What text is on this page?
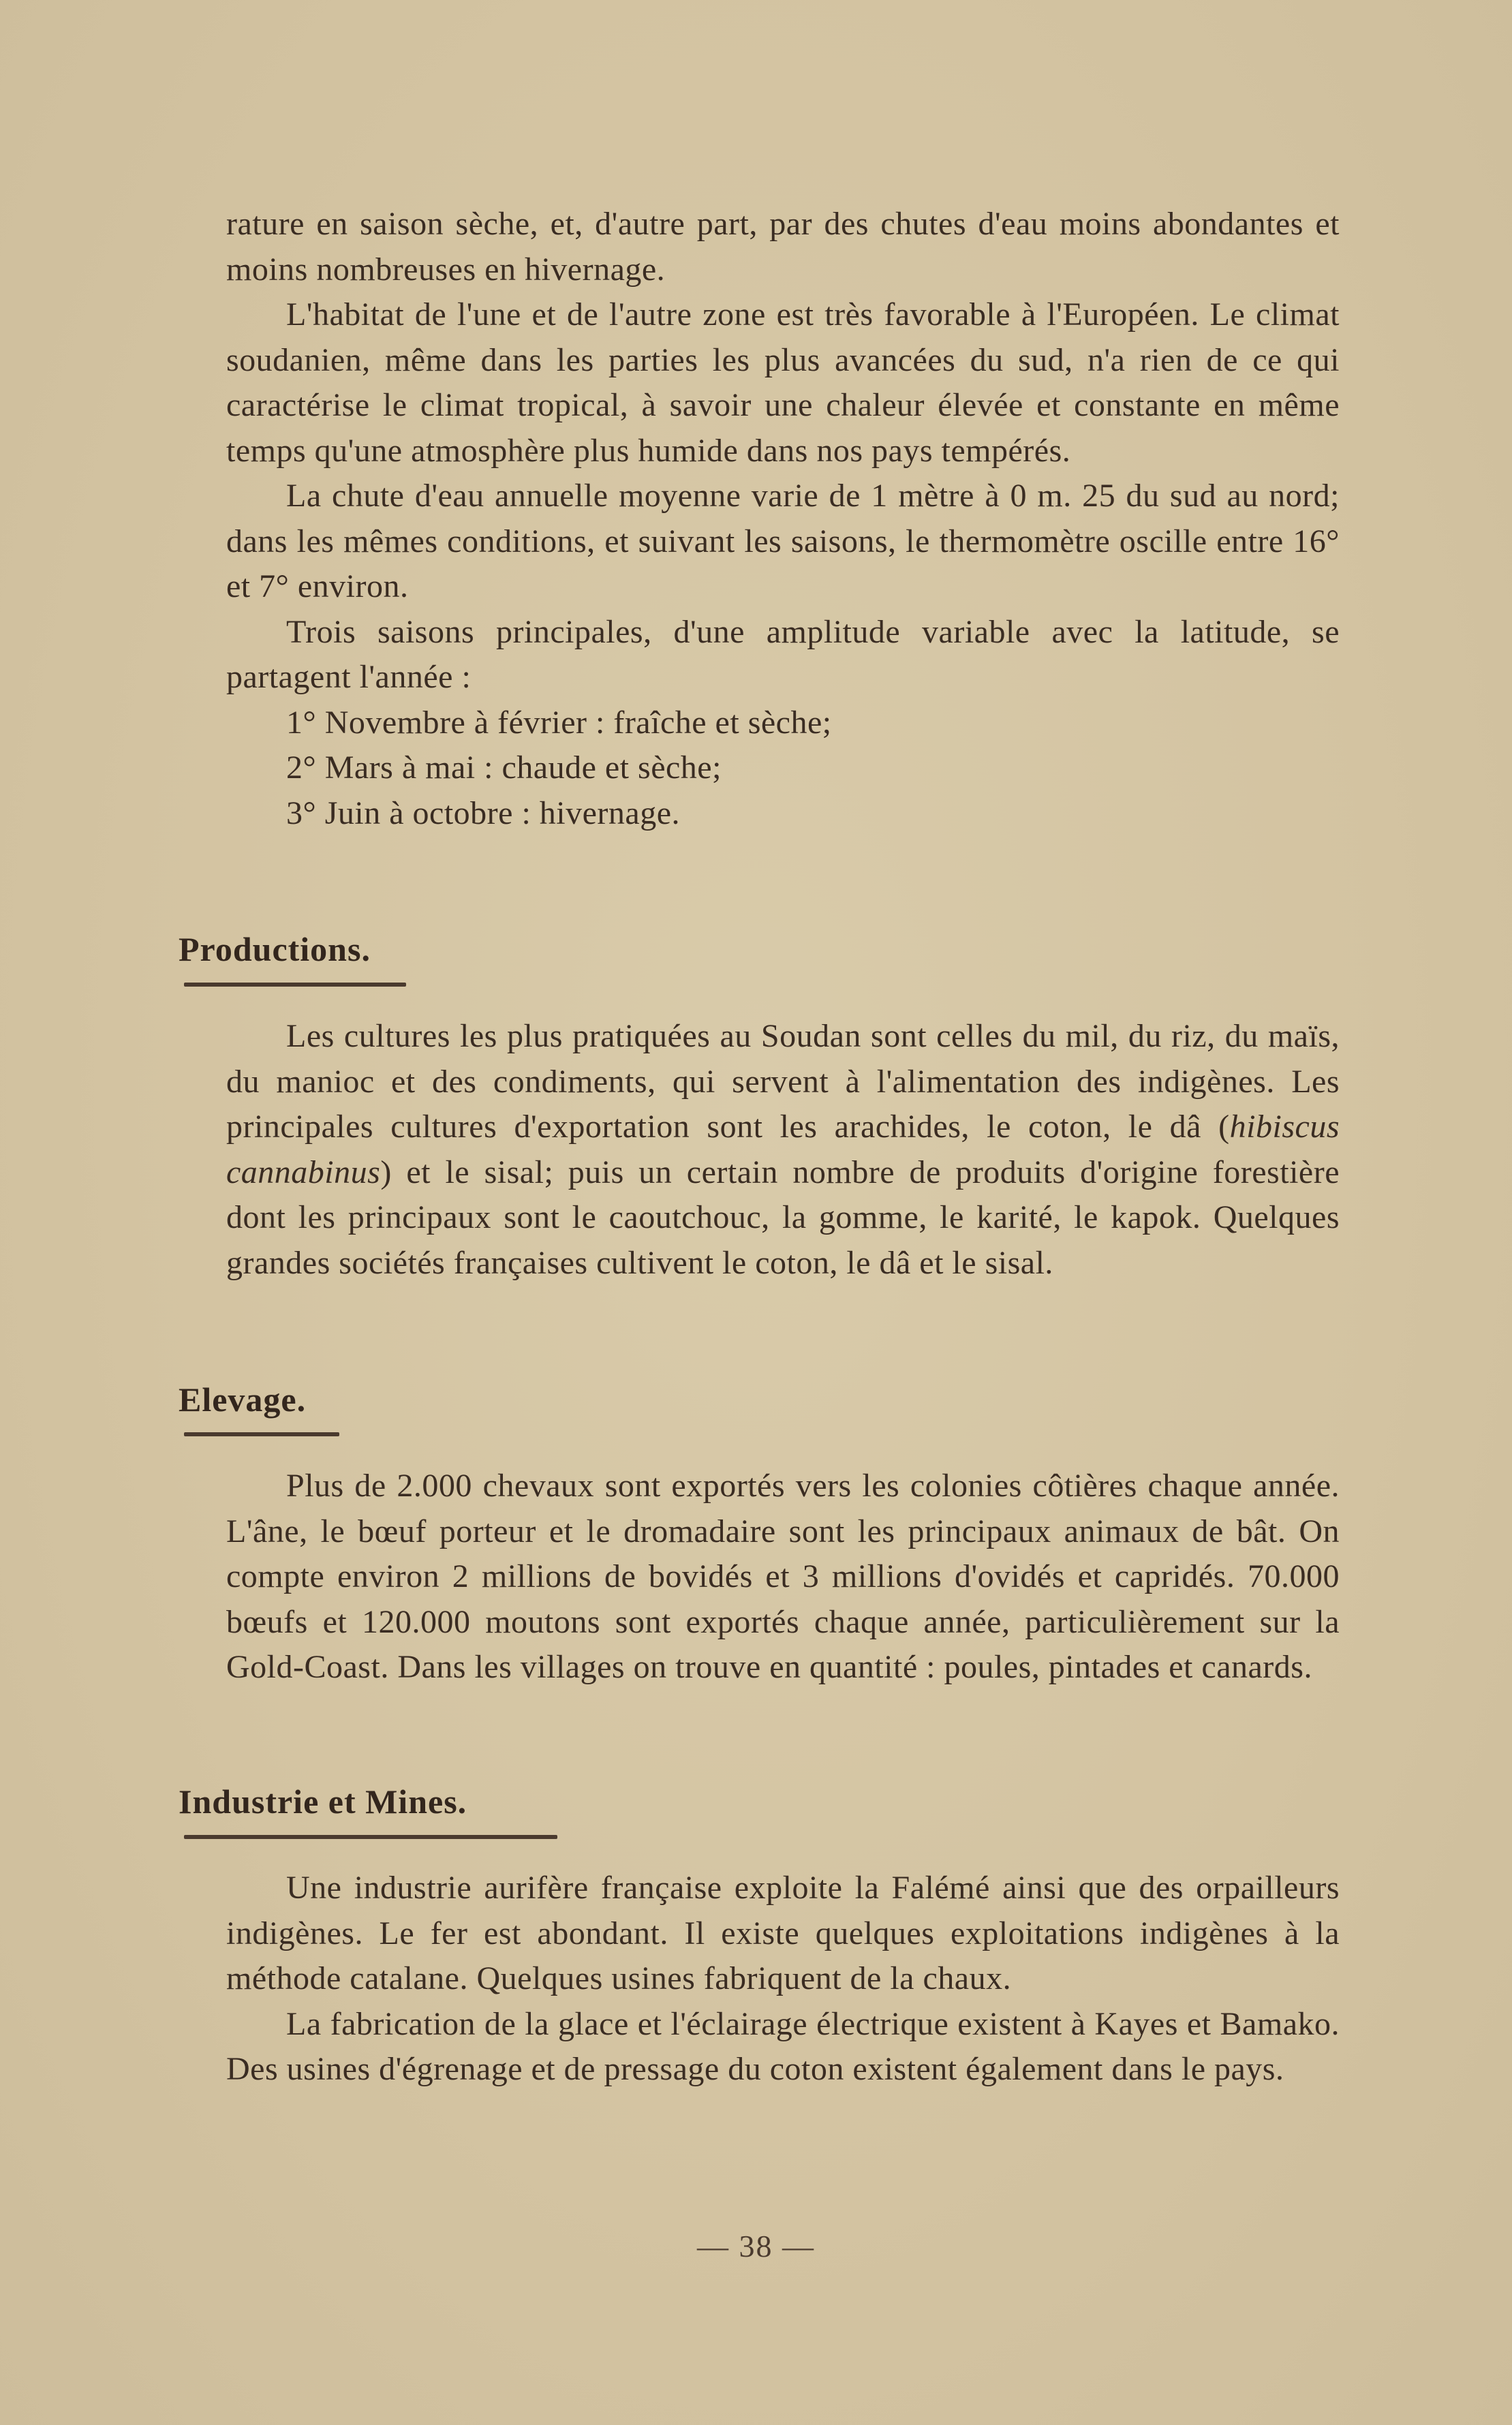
rature en saison sèche, et, d'autre part, par des chutes d'eau moins abondantes et moins nombreuses en hivernage.

L'habitat de l'une et de l'autre zone est très favorable à l'Européen. Le climat soudanien, même dans les parties les plus avancées du sud, n'a rien de ce qui caractérise le climat tropical, à savoir une chaleur élevée et constante en même temps qu'une atmosphère plus humide dans nos pays tempérés.

La chute d'eau annuelle moyenne varie de 1 mètre à 0 m. 25 du sud au nord; dans les mêmes conditions, et suivant les saisons, le thermomètre oscille entre 16° et 7° environ.

Trois saisons principales, d'une amplitude variable avec la latitude, se partagent l'année :

1° Novembre à février : fraîche et sèche;

2° Mars à mai : chaude et sèche;

3° Juin à octobre : hivernage.

Productions.

Les cultures les plus pratiquées au Soudan sont celles du mil, du riz, du maïs, du manioc et des condiments, qui servent à l'alimentation des indigènes. Les principales cultures d'exportation sont les arachides, le coton, le dâ (hibiscus cannabinus) et le sisal; puis un certain nombre de produits d'origine forestière dont les principaux sont le caoutchouc, la gomme, le karité, le kapok. Quelques grandes sociétés françaises cultivent le coton, le dâ et le sisal.

Elevage.

Plus de 2.000 chevaux sont exportés vers les colonies côtières chaque année. L'âne, le bœuf porteur et le dromadaire sont les principaux animaux de bât. On compte environ 2 millions de bovidés et 3 millions d'ovidés et capridés. 70.000 bœufs et 120.000 moutons sont exportés chaque année, particulièrement sur la Gold-Coast. Dans les villages on trouve en quantité : poules, pintades et canards.

Industrie et Mines.

Une industrie aurifère française exploite la Falémé ainsi que des orpailleurs indigènes. Le fer est abondant. Il existe quelques exploitations indigènes à la méthode catalane. Quelques usines fabriquent de la chaux.

La fabrication de la glace et l'éclairage électrique existent à Kayes et Bamako. Des usines d'égrenage et de pressage du coton existent également dans le pays.

— 38 —
